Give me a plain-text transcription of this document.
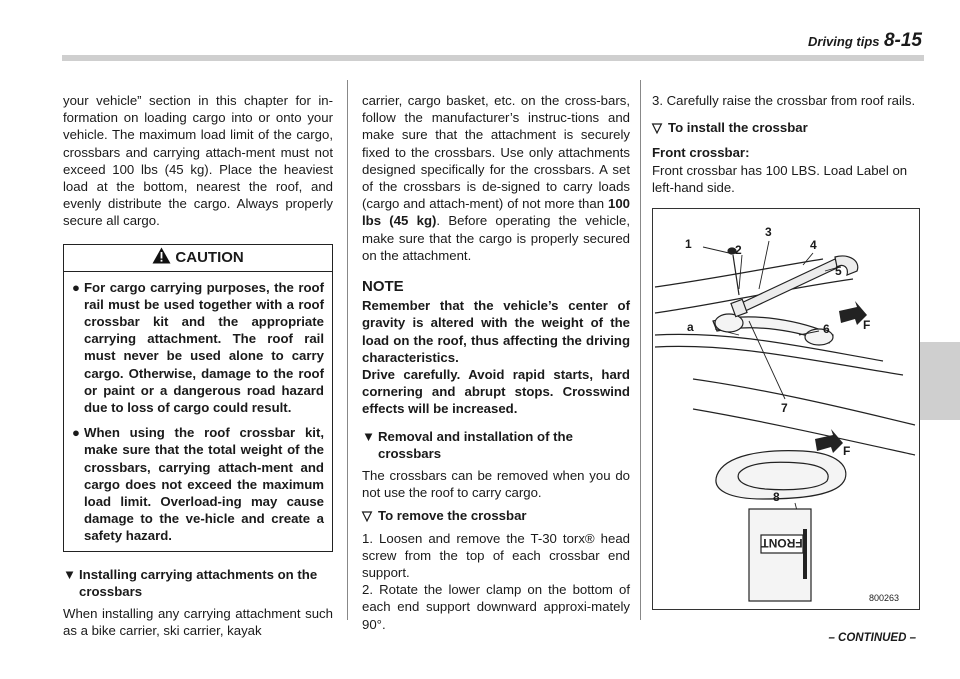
Driving tips 8-15

your vehicle” section in this chapter for in-formation on loading cargo into or onto your vehicle. The maximum load limit of the cargo, crossbars and carrying attach-ment must not exceed 100 lbs (45 kg). Place the heaviest load at the bottom, nearest the roof, and evenly distribute the cargo. Always properly secure all cargo.

CAUTION
● For cargo carrying purposes, the roof rail must be used together with a roof crossbar kit and the appropriate carrying attachment. The roof rail must never be used alone to carry cargo. Otherwise, damage to the roof or paint or a dangerous road hazard due to loss of cargo could result.
● When using the roof crossbar kit, make sure that the total weight of the crossbars, carrying attach-ment and cargo does not exceed the maximum load limit. Overload-ing may cause damage to the ve-hicle and create a safety hazard.
▼ Installing carrying attachments on the crossbars

When installing any carrying attachment such as a bike carrier, ski carrier, kayak

carrier, cargo basket, etc. on the cross-bars, follow the manufacturer’s instruc-tions and make sure that the attachment is securely fixed to the crossbars. Use only attachments designed specifically for the crossbars. A set of the crossbars is de-signed to carry loads (cargo and attach-ment) of not more than 100 lbs (45 kg). Before operating the vehicle, make sure that the cargo is properly secured on the attachment.

NOTE
Remember that the vehicle’s center of gravity is altered with the weight of the load on the roof, thus affecting the driving characteristics.
Drive carefully. Avoid rapid starts, hard cornering and abrupt stops. Crosswind effects will be increased.
▼ Removal and installation of the crossbars

The crossbars can be removed when you do not use the roof to carry cargo.

▽ To remove the crossbar

1. Loosen and remove the T-30 torx® head screw from the top of each crossbar end support.

2. Rotate the lower clamp on the bottom of each end support downward approxi-mately 90°.

3. Carefully raise the crossbar from roof rails.

▽ To install the crossbar
Front crossbar:
Front crossbar has 100 LBS. Load Label on left-hand side.
FRONT
1	2
3
4
5
6
7
8
a	F
F
800263
– CONTINUED –
